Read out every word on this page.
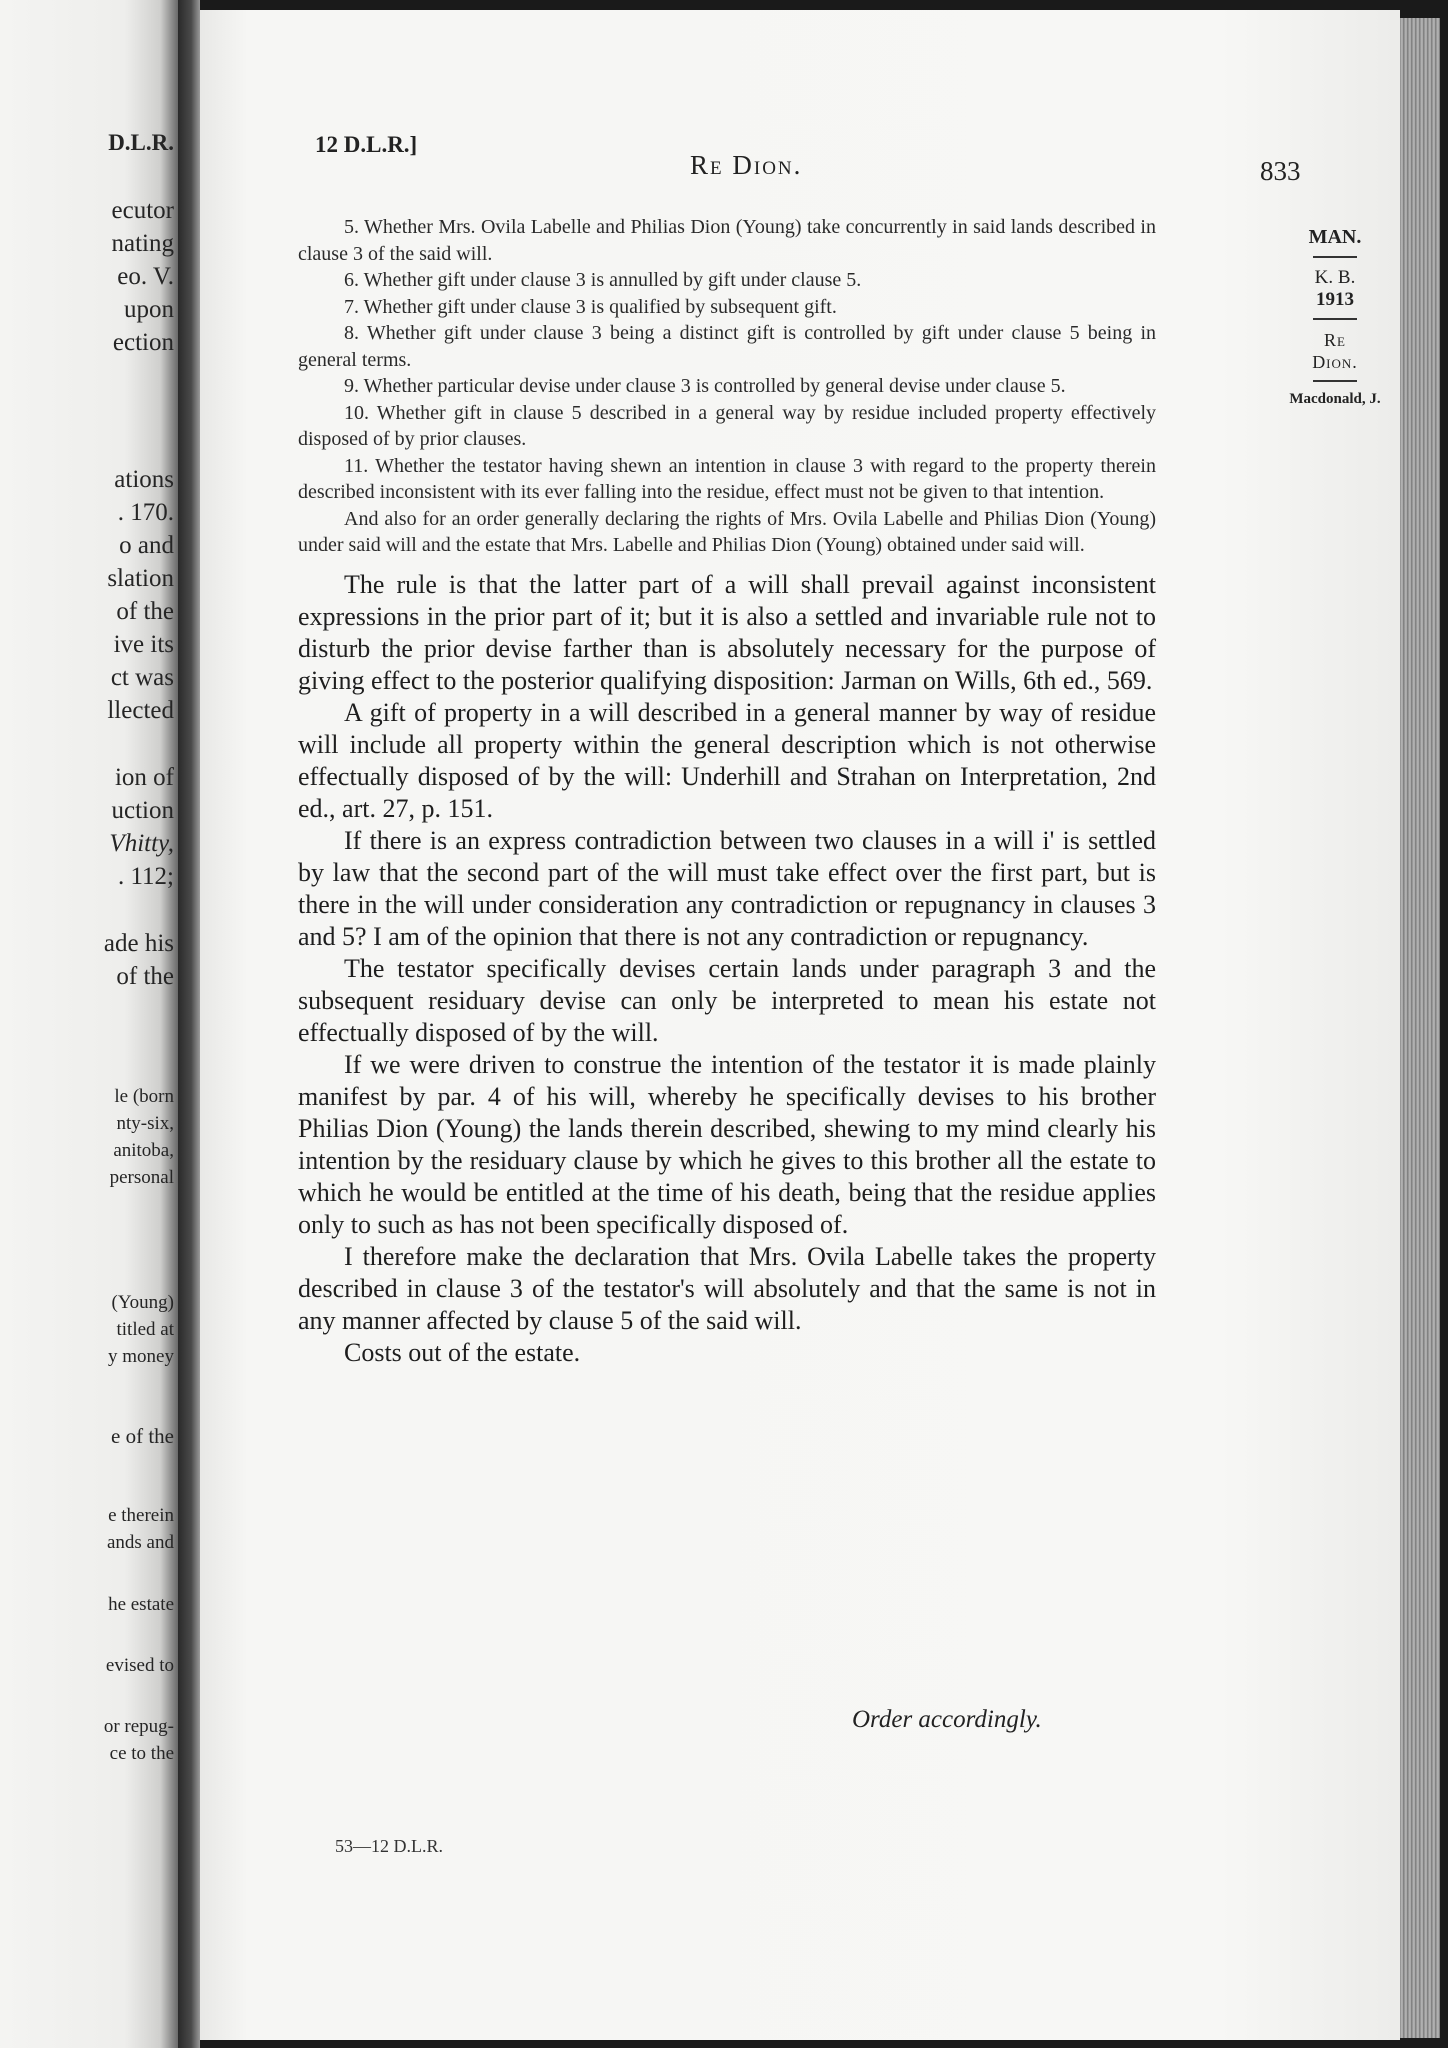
D.L.R.
ecutor
nating
eo. V.
upon
ection
ations
. 170.
o and
slation
of the
ive its
ct was
llected
ion of
uction
Vhitty,
. 112;
ade his
of the
le (born
nty-six,
anitoba,
personal
(Young)
titled at
y money
e of the
e therein
ands and
he estate
evised to
or repug-
ce to the
12 D.L.R.]
Re Dion.	833
MAN.
K. B.
1913
Re
Dion.
Macdonald, J.

5. Whether Mrs. Ovila Labelle and Philias Dion (Young) take concurrently in said lands described in clause 3 of the said will.

6. Whether gift under clause 3 is annulled by gift under clause 5.

7. Whether gift under clause 3 is qualified by subsequent gift.

8. Whether gift under clause 3 being a distinct gift is controlled by gift under clause 5 being in general terms.

9. Whether particular devise under clause 3 is controlled by general devise under clause 5.

10. Whether gift in clause 5 described in a general way by residue included property effectively disposed of by prior clauses.

11. Whether the testator having shewn an intention in clause 3 with regard to the property therein described inconsistent with its ever falling into the residue, effect must not be given to that intention.

And also for an order generally declaring the rights of Mrs. Ovila Labelle and Philias Dion (Young) under said will and the estate that Mrs. Labelle and Philias Dion (Young) obtained under said will.

The rule is that the latter part of a will shall prevail against inconsistent expressions in the prior part of it; but it is also a settled and invariable rule not to disturb the prior devise farther than is absolutely necessary for the purpose of giving effect to the posterior qualifying disposition: Jarman on Wills, 6th ed., 569.

A gift of property in a will described in a general manner by way of residue will include all property within the general description which is not otherwise effectually disposed of by the will: Underhill and Strahan on Interpretation, 2nd ed., art. 27, p. 151.

If there is an express contradiction between two clauses in a will i' is settled by law that the second part of the will must take effect over the first part, but is there in the will under consideration any contradiction or repugnancy in clauses 3 and 5? I am of the opinion that there is not any contradiction or repugnancy.

The testator specifically devises certain lands under paragraph 3 and the subsequent residuary devise can only be interpreted to mean his estate not effectually disposed of by the will.

If we were driven to construe the intention of the testator it is made plainly manifest by par. 4 of his will, whereby he specifically devises to his brother Philias Dion (Young) the lands therein described, shewing to my mind clearly his intention by the residuary clause by which he gives to this brother all the estate to which he would be entitled at the time of his death, being that the residue applies only to such as has not been specifically disposed of.

I therefore make the declaration that Mrs. Ovila Labelle takes the property described in clause 3 of the testator's will absolutely and that the same is not in any manner affected by clause 5 of the said will.

Costs out of the estate.

Order accordingly.
53—12 D.L.R.
